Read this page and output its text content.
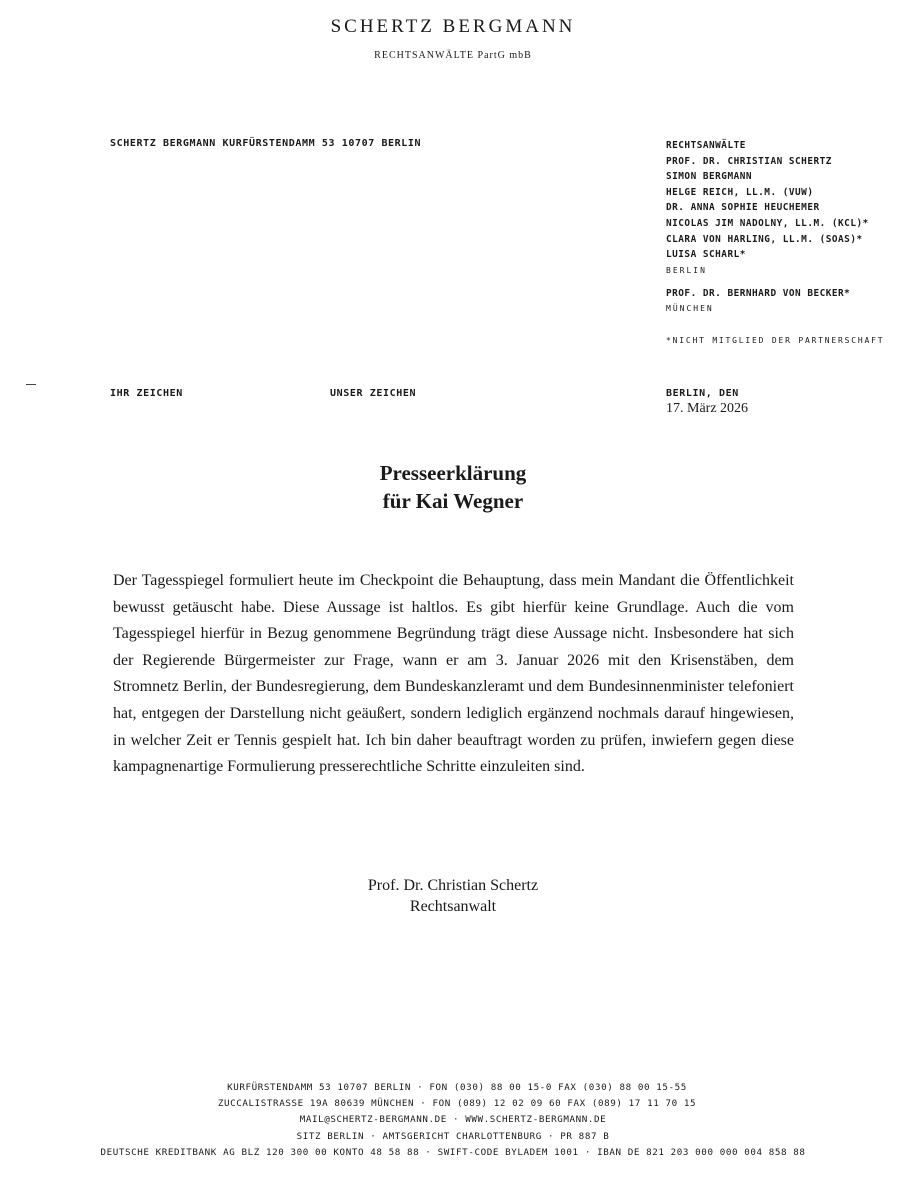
SCHERTZ BERGMANN
RECHTSANWÄLTE PartG mbB
SCHERTZ BERGMANN KURFÜRSTENDAMM 53 10707 BERLIN	RECHTSANWÄLTE
PROF. DR. CHRISTIAN SCHERTZ
SIMON BERGMANN
HELGE REICH, LL.M. (VUW)
DR. ANNA SOPHIE HEUCHEMER
NICOLAS JIM NADOLNY, LL.M. (KCL)*
CLARA VON HARLING, LL.M. (SOAS)*
LUISA SCHARL*
BERLIN
PROF. DR. BERNHARD VON BECKER*
MÜNCHEN
*NICHT MITGLIED DER PARTNERSCHAFT
IHR ZEICHEN	UNSER ZEICHEN	BERLIN, DEN
17. März 2026
Presseerklärung
für Kai Wegner
Der Tagesspiegel formuliert heute im Checkpoint die Behauptung, dass mein Mandant die Öffentlichkeit bewusst getäuscht habe. Diese Aussage ist haltlos. Es gibt hierfür keine Grundlage. Auch die vom Tagesspiegel hierfür in Bezug genommene Begründung trägt diese Aussage nicht. Insbesondere hat sich der Regierende Bürgermeister zur Frage, wann er am 3. Januar 2026 mit den Krisenstäben, dem Stromnetz Berlin, der Bundesregierung, dem Bundeskanzleramt und dem Bundesinnenminister telefoniert hat, entgegen der Darstellung nicht geäußert, sondern lediglich ergänzend nochmals darauf hingewiesen, in welcher Zeit er Tennis gespielt hat. Ich bin daher beauftragt worden zu prüfen, inwiefern gegen diese kampagnenartige Formulierung presserechtliche Schritte einzuleiten sind.
Prof. Dr. Christian Schertz
Rechtsanwalt
KURFÜRSTENDAMM 53 10707 BERLIN · FON (030) 88 00 15-0 FAX (030) 88 00 15-55
ZUCCALISTRASSE 19A 80639 MÜNCHEN · FON (089) 12 02 09 60 FAX (089) 17 11 70 15
MAIL@SCHERTZ-BERGMANN.DE · WWW.SCHERTZ-BERGMANN.DE
SITZ BERLIN · AMTSGERICHT CHARLOTTENBURG · PR 887 B
DEUTSCHE KREDITBANK AG BLZ 120 300 00 KONTO 48 58 88 · SWIFT-CODE BYLADEM 1001 · IBAN DE 821 203 000 000 004 858 88
